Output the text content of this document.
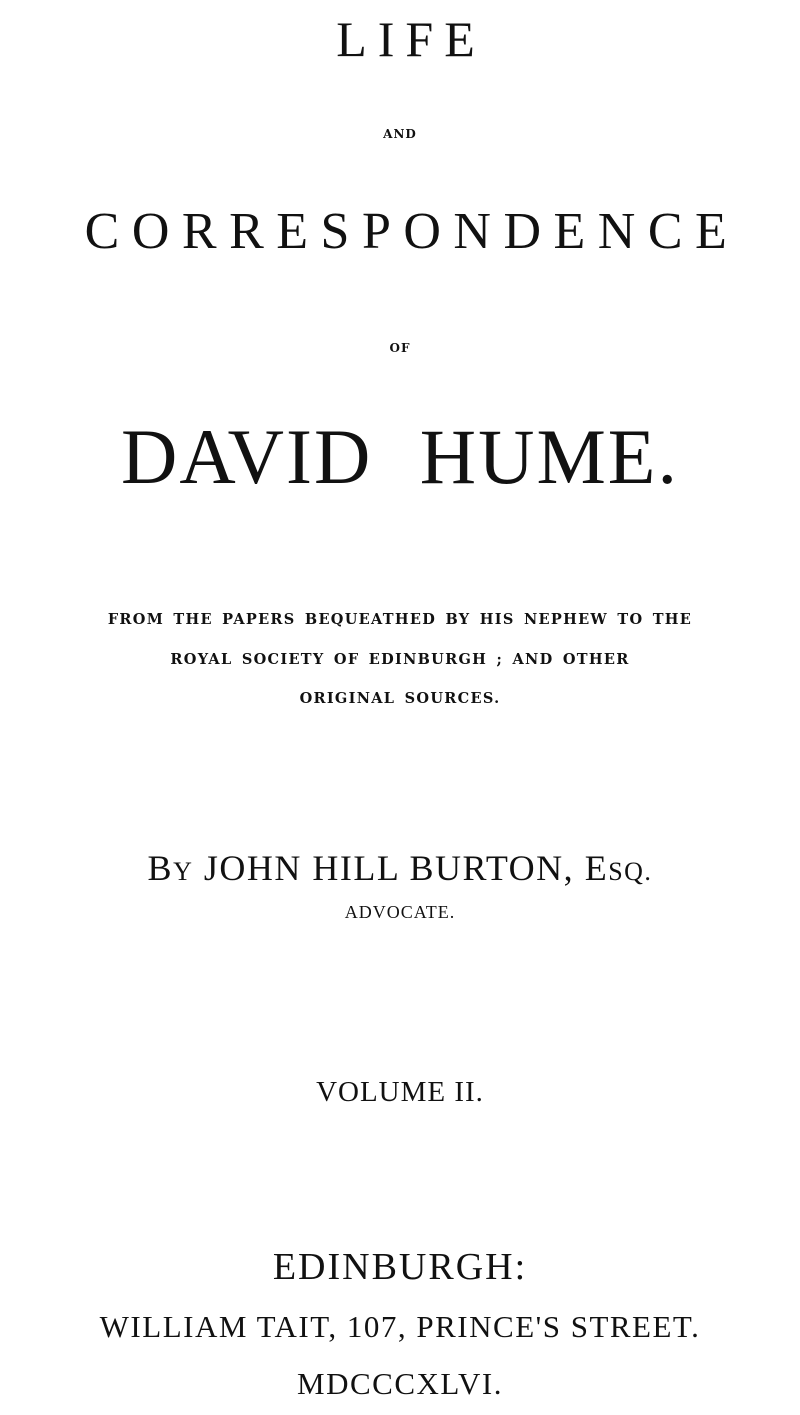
LIFE
AND
CORRESPONDENCE
OF
DAVID HUME.
FROM THE PAPERS BEQUEATHED BY HIS NEPHEW TO THE
ROYAL SOCIETY OF EDINBURGH ; AND OTHER
ORIGINAL SOURCES.
BY JOHN HILL BURTON, ESQ.
ADVOCATE.
VOLUME II.
EDINBURGH:
WILLIAM TAIT, 107, PRINCE'S STREET.
MDCCCXLVI.
